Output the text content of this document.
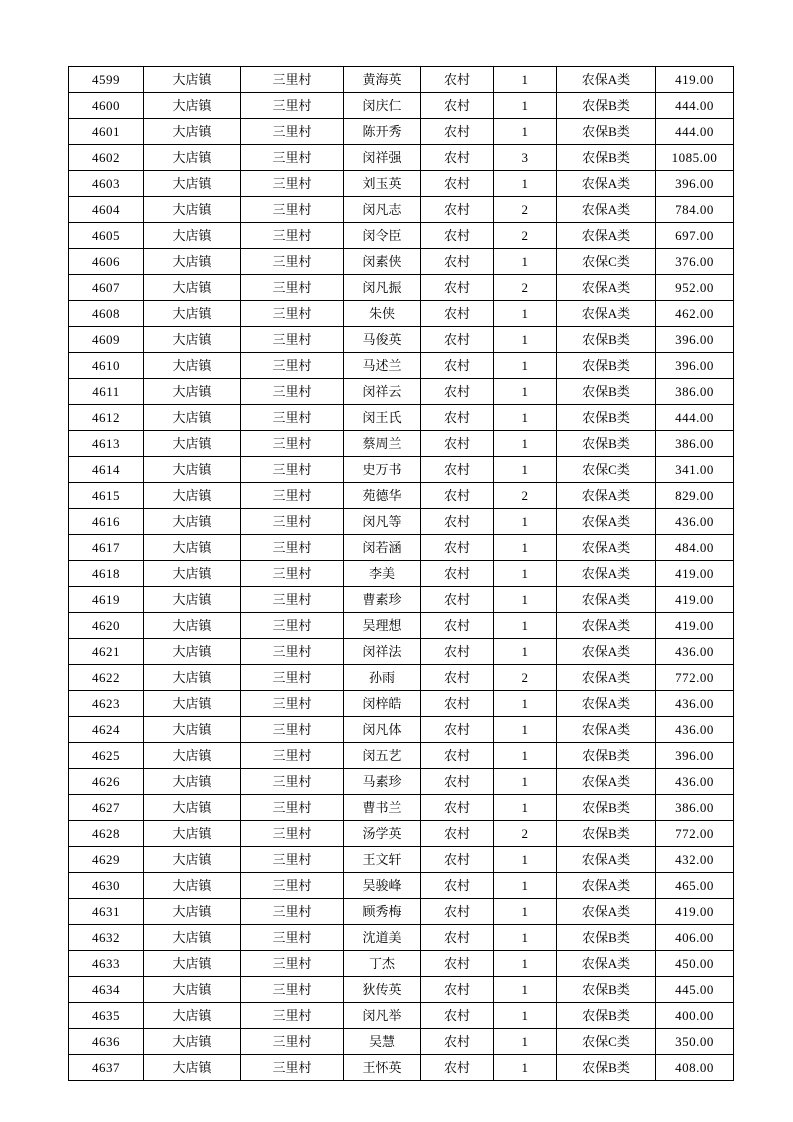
4599	大店镇	三里村	黄海英	农村	1	农保A类	419.00
4600	大店镇	三里村	闵庆仁	农村	1	农保B类	444.00
4601	大店镇	三里村	陈开秀	农村	1	农保B类	444.00
4602	大店镇	三里村	闵祥强	农村	3	农保B类	1085.00
4603	大店镇	三里村	刘玉英	农村	1	农保A类	396.00
4604	大店镇	三里村	闵凡志	农村	2	农保A类	784.00
4605	大店镇	三里村	闵令臣	农村	2	农保A类	697.00
4606	大店镇	三里村	闵素侠	农村	1	农保C类	376.00
4607	大店镇	三里村	闵凡振	农村	2	农保A类	952.00
4608	大店镇	三里村	朱侠	农村	1	农保A类	462.00
4609	大店镇	三里村	马俊英	农村	1	农保B类	396.00
4610	大店镇	三里村	马述兰	农村	1	农保B类	396.00
4611	大店镇	三里村	闵祥云	农村	1	农保B类	386.00
4612	大店镇	三里村	闵王氏	农村	1	农保B类	444.00
4613	大店镇	三里村	蔡周兰	农村	1	农保B类	386.00
4614	大店镇	三里村	史万书	农村	1	农保C类	341.00
4615	大店镇	三里村	苑德华	农村	2	农保A类	829.00
4616	大店镇	三里村	闵凡等	农村	1	农保A类	436.00
4617	大店镇	三里村	闵若涵	农村	1	农保A类	484.00
4618	大店镇	三里村	李美	农村	1	农保A类	419.00
4619	大店镇	三里村	曹素珍	农村	1	农保A类	419.00
4620	大店镇	三里村	吴理想	农村	1	农保A类	419.00
4621	大店镇	三里村	闵祥法	农村	1	农保A类	436.00
4622	大店镇	三里村	孙雨	农村	2	农保A类	772.00
4623	大店镇	三里村	闵梓皓	农村	1	农保A类	436.00
4624	大店镇	三里村	闵凡体	农村	1	农保A类	436.00
4625	大店镇	三里村	闵五艺	农村	1	农保B类	396.00
4626	大店镇	三里村	马素珍	农村	1	农保A类	436.00
4627	大店镇	三里村	曹书兰	农村	1	农保B类	386.00
4628	大店镇	三里村	汤学英	农村	2	农保B类	772.00
4629	大店镇	三里村	王文轩	农村	1	农保A类	432.00
4630	大店镇	三里村	吴骏峰	农村	1	农保A类	465.00
4631	大店镇	三里村	顾秀梅	农村	1	农保A类	419.00
4632	大店镇	三里村	沈道美	农村	1	农保B类	406.00
4633	大店镇	三里村	丁杰	农村	1	农保A类	450.00
4634	大店镇	三里村	狄传英	农村	1	农保B类	445.00
4635	大店镇	三里村	闵凡举	农村	1	农保B类	400.00
4636	大店镇	三里村	吴慧	农村	1	农保C类	350.00
4637	大店镇	三里村	王怀英	农村	1	农保B类	408.00
